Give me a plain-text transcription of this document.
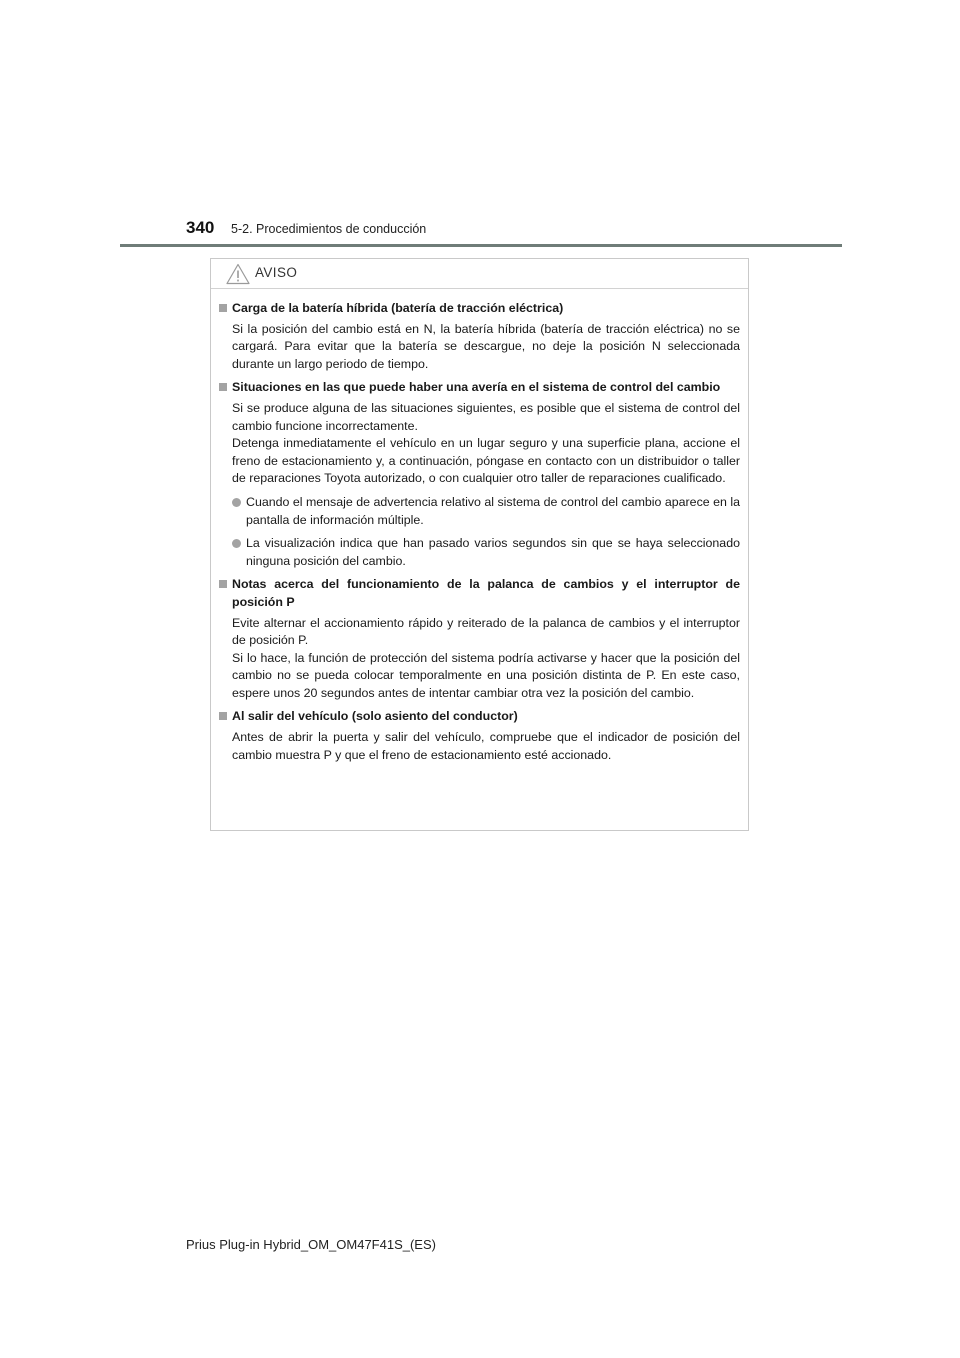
340 5-2. Procedimientos de conducción
AVISO
Carga de la batería híbrida (batería de tracción eléctrica)
Si la posición del cambio está en N, la batería híbrida (batería de tracción eléctrica) no se cargará. Para evitar que la batería se descargue, no deje la posición N seleccionada durante un largo periodo de tiempo.
Situaciones en las que puede haber una avería en el sistema de control del cambio
Si se produce alguna de las situaciones siguientes, es posible que el sistema de control del cambio funcione incorrectamente.
Detenga inmediatamente el vehículo en un lugar seguro y una superficie plana, accione el freno de estacionamiento y, a continuación, póngase en contacto con un distribuidor o taller de reparaciones Toyota autorizado, o con cualquier otro taller de reparaciones cualificado.
Cuando el mensaje de advertencia relativo al sistema de control del cambio aparece en la pantalla de información múltiple.
La visualización indica que han pasado varios segundos sin que se haya seleccionado ninguna posición del cambio.
Notas acerca del funcionamiento de la palanca de cambios y el interruptor de posición P
Evite alternar el accionamiento rápido y reiterado de la palanca de cambios y el interruptor de posición P.
Si lo hace, la función de protección del sistema podría activarse y hacer que la posición del cambio no se pueda colocar temporalmente en una posición distinta de P. En este caso, espere unos 20 segundos antes de intentar cambiar otra vez la posición del cambio.
Al salir del vehículo (solo asiento del conductor)
Antes de abrir la puerta y salir del vehículo, compruebe que el indicador de posición del cambio muestra P y que el freno de estacionamiento esté accionado.
Prius Plug-in Hybrid_OM_OM47F41S_(ES)
